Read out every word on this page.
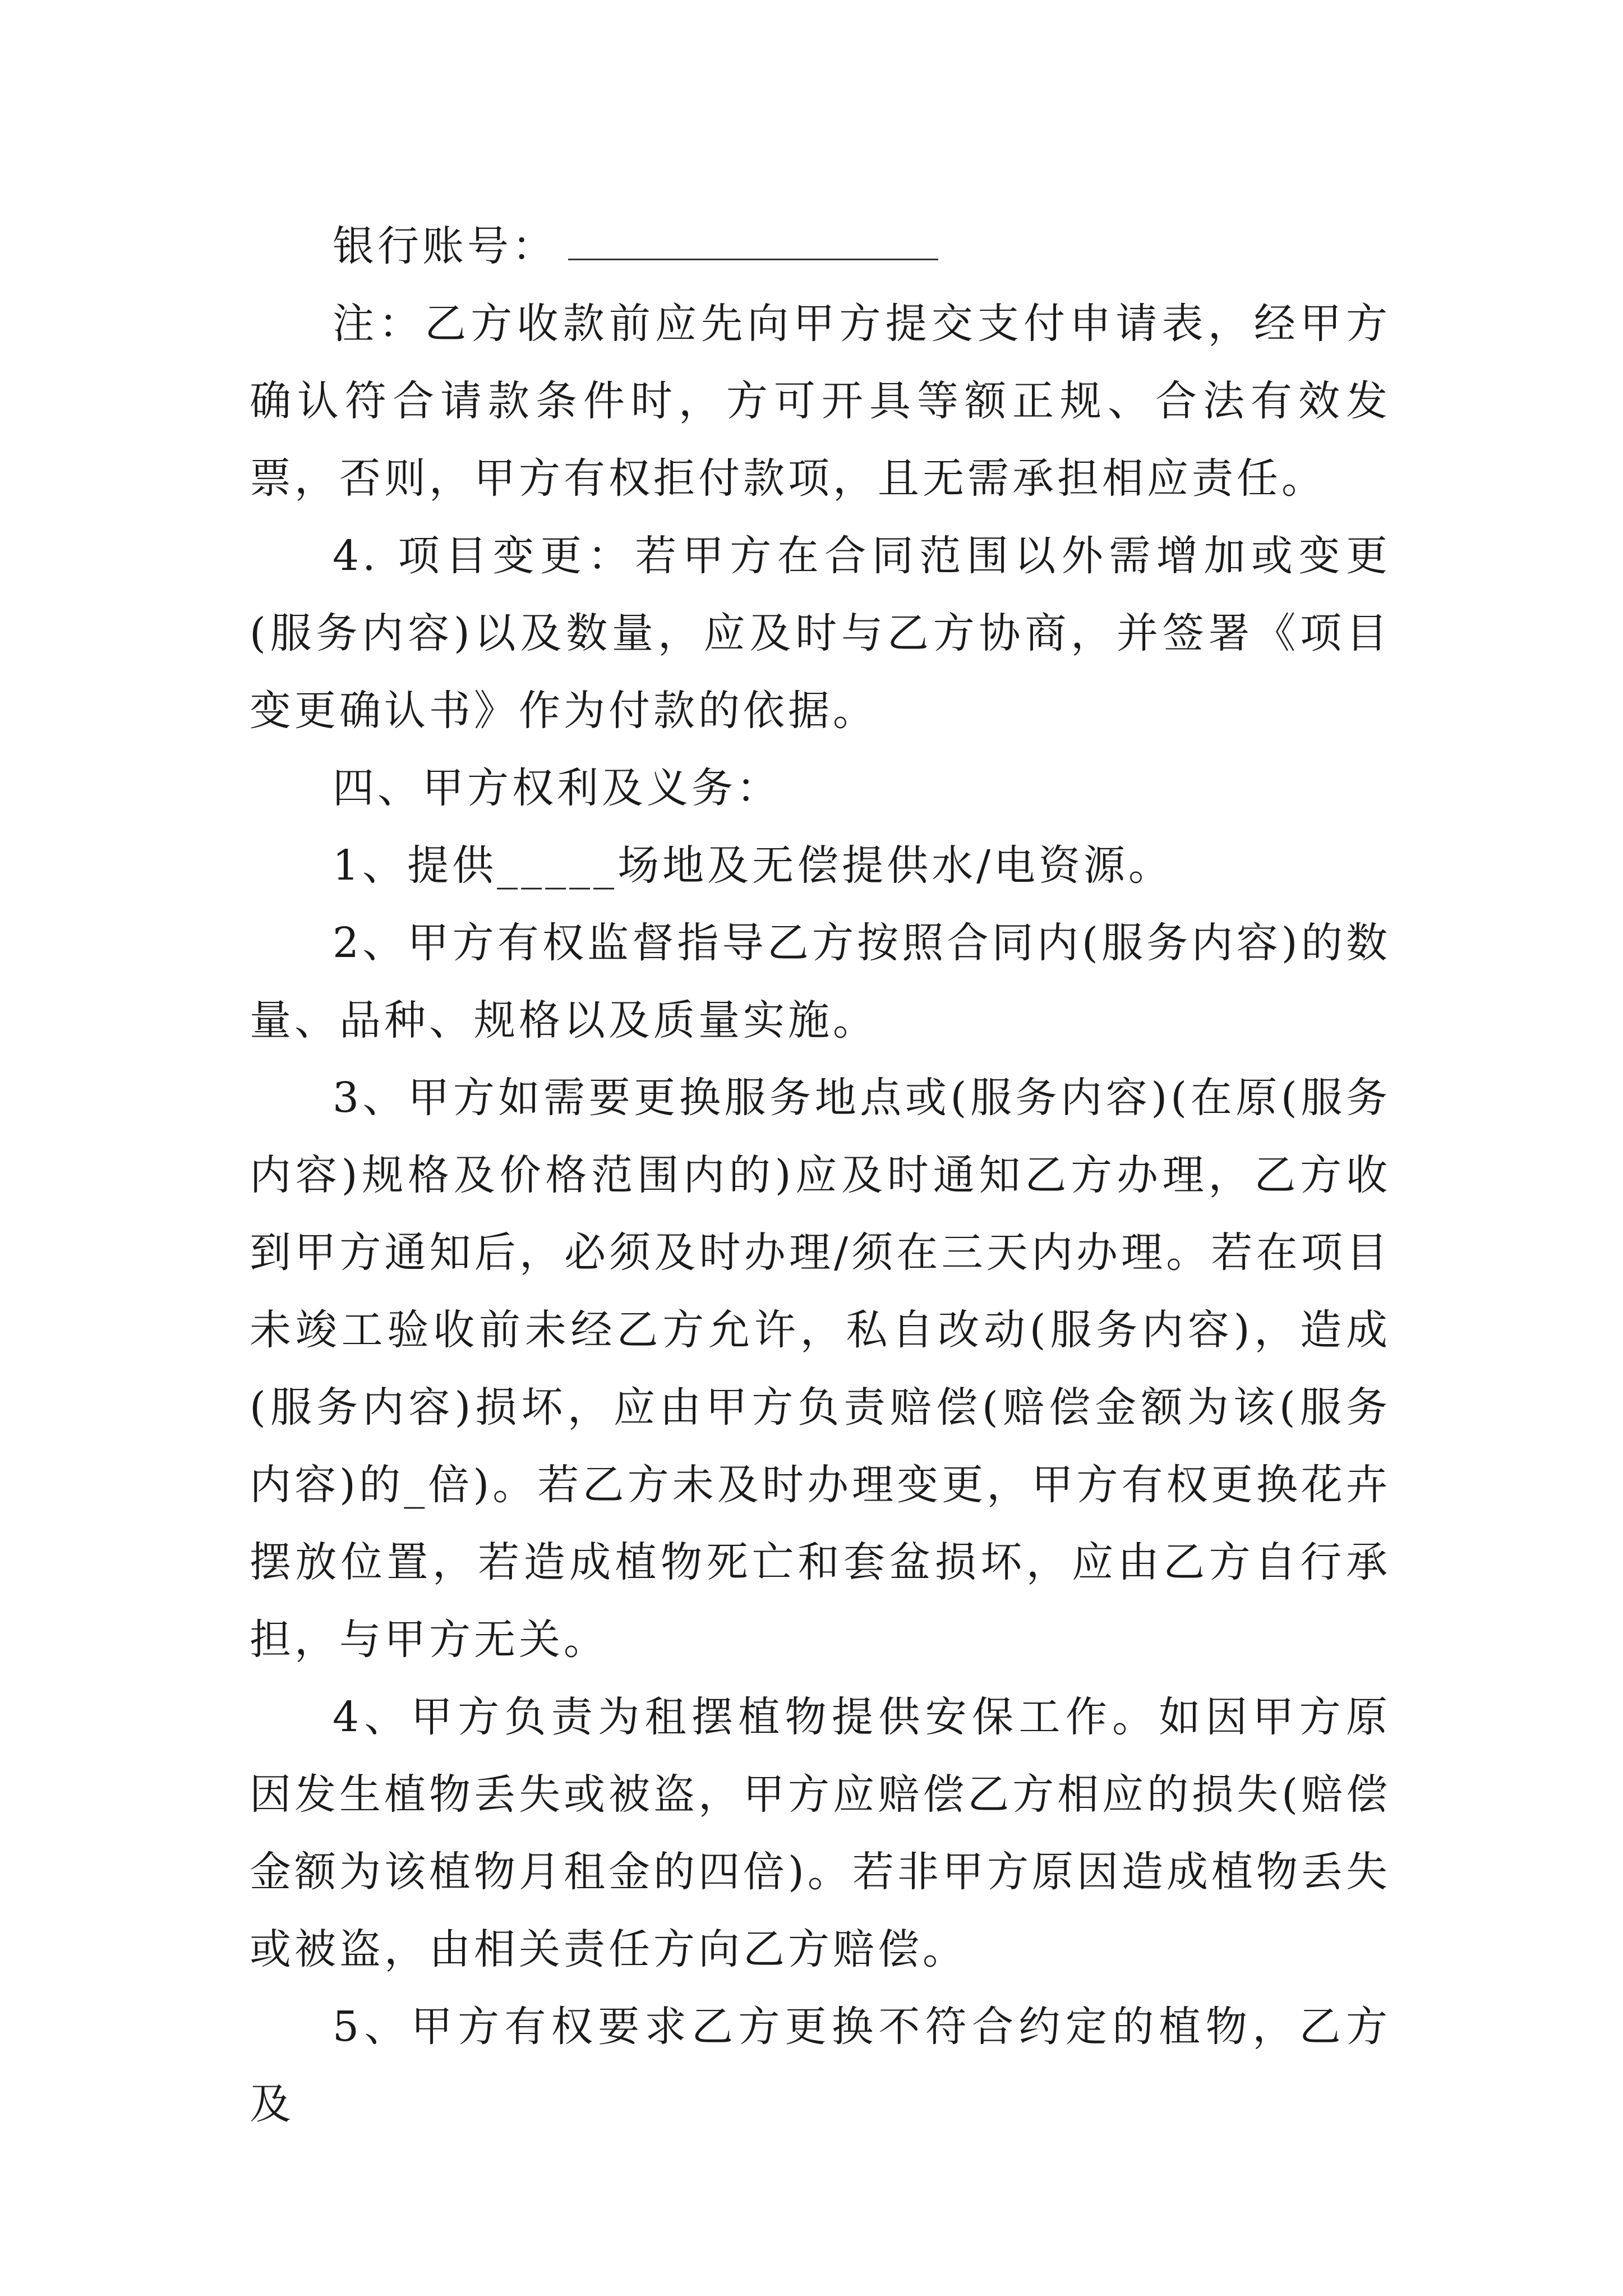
银行账号：

注：乙方收款前应先向甲方提交支付申请表，经甲方确认符合请款条件时，方可开具等额正规、合法有效发票，否则，甲方有权拒付款项，且无需承担相应责任。

4. 项目变更：若甲方在合同范围以外需增加或变更(服务内容)以及数量，应及时与乙方协商，并签署《项目变更确认书》作为付款的依据。

四、甲方权利及义务：

1、提供_____场地及无偿提供水/电资源。

2、甲方有权监督指导乙方按照合同内(服务内容)的数量、品种、规格以及质量实施。

3、甲方如需要更换服务地点或(服务内容)(在原(服务内容)规格及价格范围内的)应及时通知乙方办理，乙方收到甲方通知后，必须及时办理/须在三天内办理。若在项目未竣工验收前未经乙方允许，私自改动(服务内容)，造成(服务内容)损坏，应由甲方负责赔偿(赔偿金额为该(服务内容)的_倍)。若乙方未及时办理变更，甲方有权更换花卉摆放位置，若造成植物死亡和套盆损坏，应由乙方自行承担，与甲方无关。

4、甲方负责为租摆植物提供安保工作。如因甲方原因发生植物丢失或被盗，甲方应赔偿乙方相应的损失(赔偿金额为该植物月租金的四倍)。若非甲方原因造成植物丢失或被盗，由相关责任方向乙方赔偿。

5、甲方有权要求乙方更换不符合约定的植物，乙方及
